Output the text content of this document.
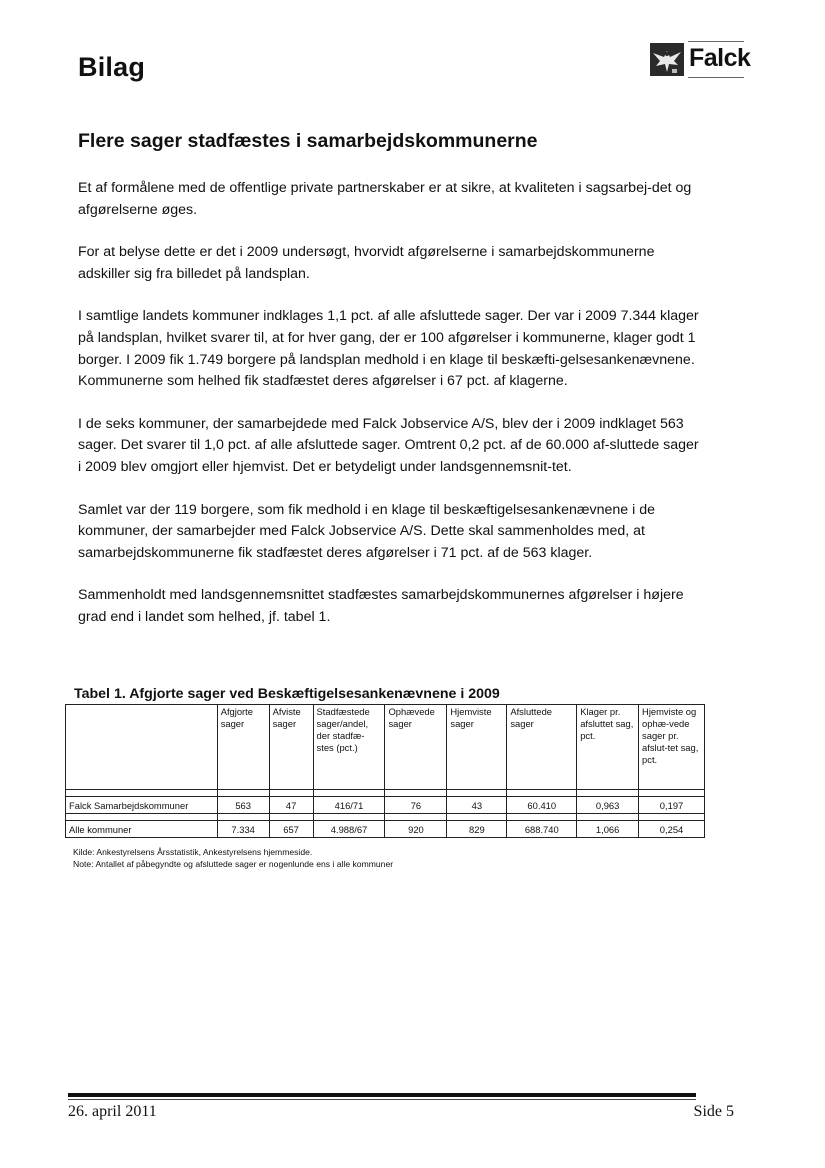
Bilag	Falck
Flere sager stadfæstes i samarbejdskommunerne

Et af formålene med de offentlige private partnerskaber er at sikre, at kvaliteten i sagsarbej-det og afgørelserne øges.

For at belyse dette er det i 2009 undersøgt, hvorvidt afgørelserne i samarbejdskommunerne adskiller sig fra billedet på landsplan.

I samtlige landets kommuner indklages 1,1 pct. af alle afsluttede sager. Der var i 2009 7.344 klager på landsplan, hvilket svarer til, at for hver gang, der er 100 afgørelser i kommunerne, klager godt 1 borger. I 2009 fik 1.749 borgere på landsplan medhold i en klage til beskæfti-gelsesankenævnene. Kommunerne som helhed fik stadfæstet deres afgørelser i 67 pct. af klagerne.

I de seks kommuner, der samarbejdede med Falck Jobservice A/S, blev der i 2009 indklaget 563 sager. Det svarer til 1,0 pct. af alle afsluttede sager. Omtrent 0,2 pct. af de 60.000 af-sluttede sager i 2009 blev omgjort eller hjemvist. Det er betydeligt under landsgennemsnit-tet.

Samlet var der 119 borgere, som fik medhold i en klage til beskæftigelsesankenævnene i de kommuner, der samarbejder med Falck Jobservice A/S. Dette skal sammenholdes med, at samarbejdskommunerne fik stadfæstet deres afgørelser i 71 pct. af de 563 klager.

Sammenholdt med landsgennemsnittet stadfæstes samarbejdskommunernes afgørelser i højere grad end i landet som helhed, jf. tabel 1.

Tabel 1. Afgjorte sager ved Beskæftigelsesankenævnene i 2009
	Afgjorte sager	Afviste sager	Stadfæstede sager/andel, der stadfæ-stes (pct.)	Ophævede sager	Hjemviste sager	Afsluttede sager	Klager pr. afsluttet sag, pct.	Hjemviste og ophæ-vede sager pr. afslut-tet sag, pct.

Falck Samarbejdskommuner	563	47	416/71	76	43	60.410	0,963	0,197

Alle kommuner	7.334	657	4.988/67	920	829	688.740	1,066	0,254
Kilde: Ankestyrelsens Årsstatistik, Ankestyrelsens hjemmeside.
Note: Antallet af påbegyndte og afsluttede sager er nogenlunde ens i alle kommuner
26. april 2011	Side 5
